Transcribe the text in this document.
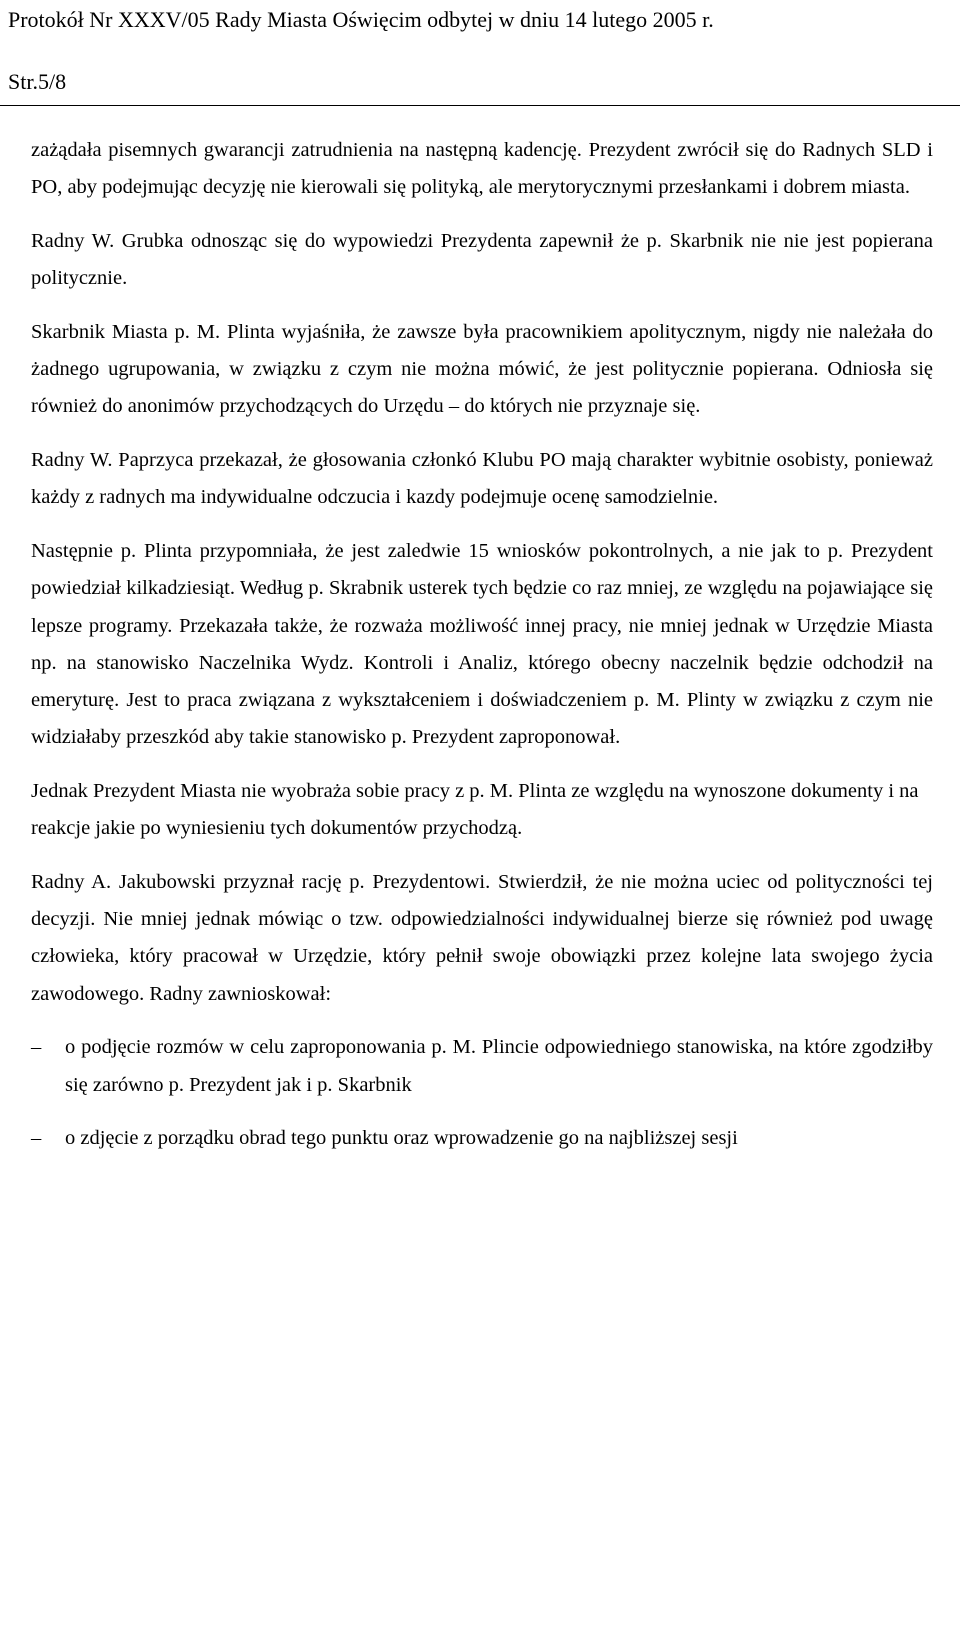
Protokół Nr XXXV/05 Rady Miasta Oświęcim odbytej w dniu 14 lutego 2005 r.
Str.5/8

zażądała pisemnych gwarancji zatrudnienia na następną kadencję. Prezydent zwrócił się do Radnych SLD i PO, aby podejmując decyzję nie kierowali się polityką, ale merytorycznymi przesłankami i dobrem miasta.

Radny W. Grubka odnosząc się do wypowiedzi Prezydenta zapewnił że p. Skarbnik nie nie jest popierana politycznie.

Skarbnik Miasta p. M. Plinta wyjaśniła, że zawsze była pracownikiem apolitycznym, nigdy nie należała do żadnego ugrupowania, w związku z czym nie można mówić, że jest politycznie popierana. Odniosła się również do anonimów przychodzących do Urzędu – do których nie przyznaje się.

Radny W. Paprzyca przekazał, że głosowania członkó Klubu PO mają charakter wybitnie osobisty, ponieważ każdy z radnych ma indywidualne odczucia i kazdy podejmuje ocenę samodzielnie.

Następnie p. Plinta przypomniała, że jest zaledwie 15 wniosków pokontrolnych, a nie jak to p. Prezydent powiedział kilkadziesiąt. Według p. Skrabnik usterek tych będzie co raz mniej, ze względu na pojawiające się lepsze programy. Przekazała także, że rozważa możliwość innej pracy, nie mniej jednak w Urzędzie Miasta np. na stanowisko Naczelnika Wydz. Kontroli i Analiz, którego obecny naczelnik będzie odchodził na emeryturę. Jest to praca związana z wykształceniem i doświadczeniem p. M. Plinty w związku z czym nie widziałaby przeszkód aby takie stanowisko p. Prezydent zaproponował.

Jednak Prezydent Miasta nie wyobraża sobie pracy z p. M. Plinta ze względu na wynoszone dokumenty i na reakcje jakie po wyniesieniu tych dokumentów przychodzą.

Radny A. Jakubowski przyznał rację p. Prezydentowi. Stwierdził, że nie można uciec od polityczności tej decyzji. Nie mniej jednak mówiąc o tzw. odpowiedzialności indywidualnej bierze się również pod uwagę człowieka, który pracował w Urzędzie, który pełnił swoje obowiązki przez kolejne lata swojego życia zawodowego. Radny zawnioskował:

– o podjęcie rozmów w celu zaproponowania p. M. Plincie odpowiedniego stanowiska, na które zgodziłby się zarówno p. Prezydent jak i p. Skarbnik
– o zdjęcie z porządku obrad tego punktu oraz wprowadzenie go na najbliższej sesji
